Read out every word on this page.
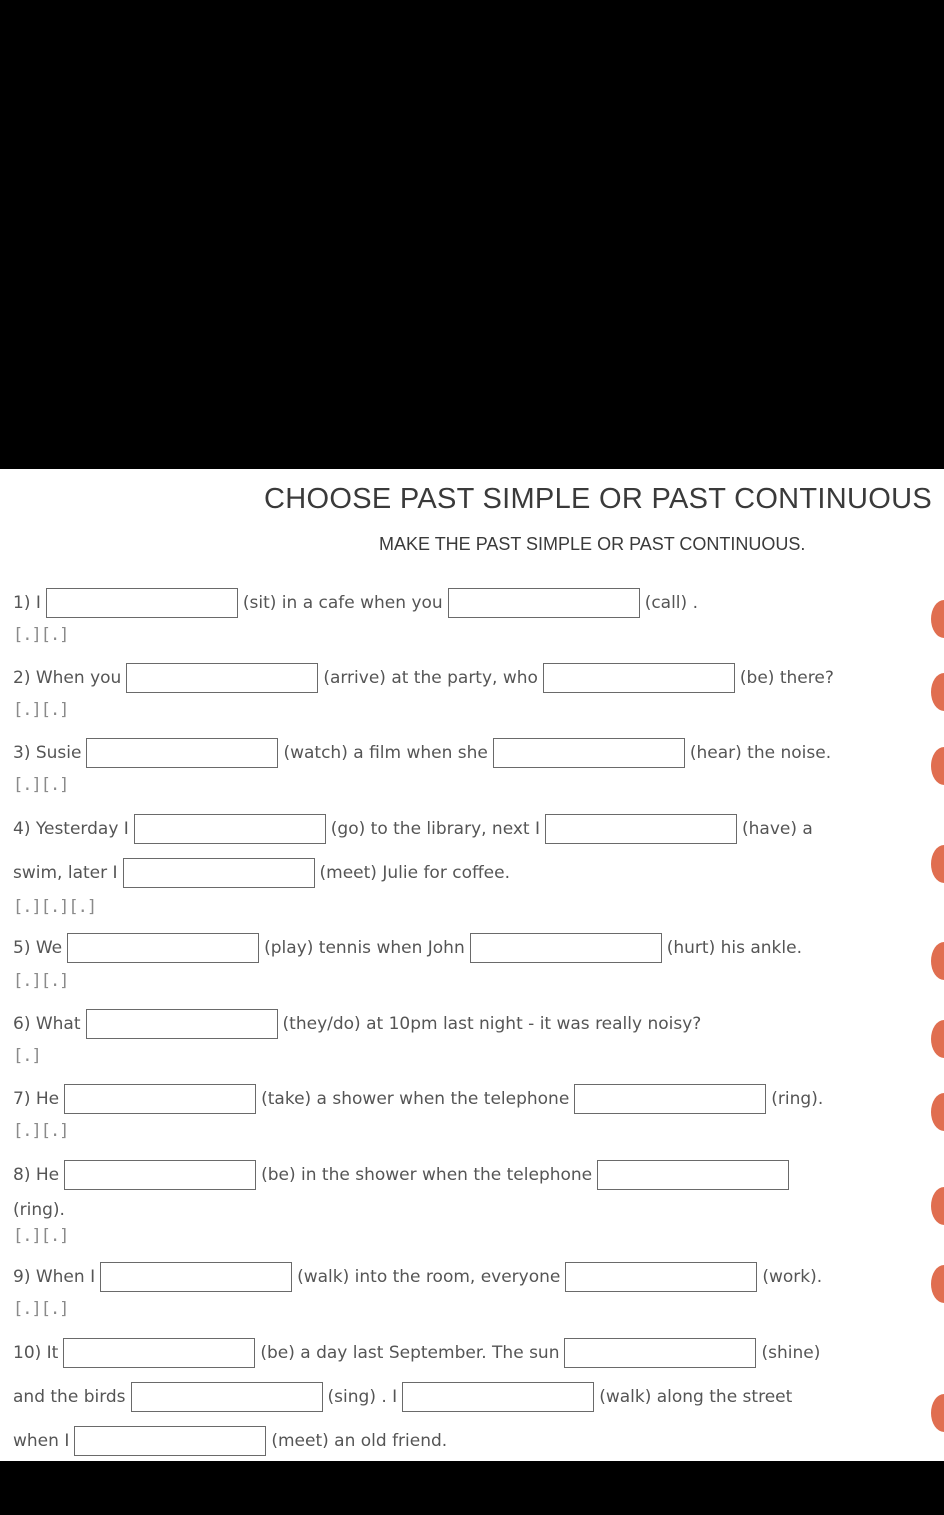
CHOOSE PAST SIMPLE OR PAST CONTINUOUS
MAKE THE PAST SIMPLE OR PAST CONTINUOUS.
1) I	(sit) in a cafe when you	(call) .
[.][.]
2) When you	(arrive) at the party, who	(be) there?
[.][.]
3) Susie	(watch) a film when she	(hear) the noise.
[.][.]
4) Yesterday I	(go) to the library, next I	(have) a
swim, later I	(meet) Julie for coffee.
[.][.][.]
5) We	(play) tennis when John	(hurt) his ankle.
[.][.]
6) What	(they/do) at 10pm last night - it was really noisy?
[.]
7) He	(take) a shower when the telephone	(ring).
[.][.]
8) He	(be) in the shower when the telephone
(ring).
[.][.]
9) When I	(walk) into the room, everyone	(work).
[.][.]
10) It	(be) a day last September. The sun	(shine)
and the birds	(sing) . I	(walk) along the street
when I	(meet) an old friend.
